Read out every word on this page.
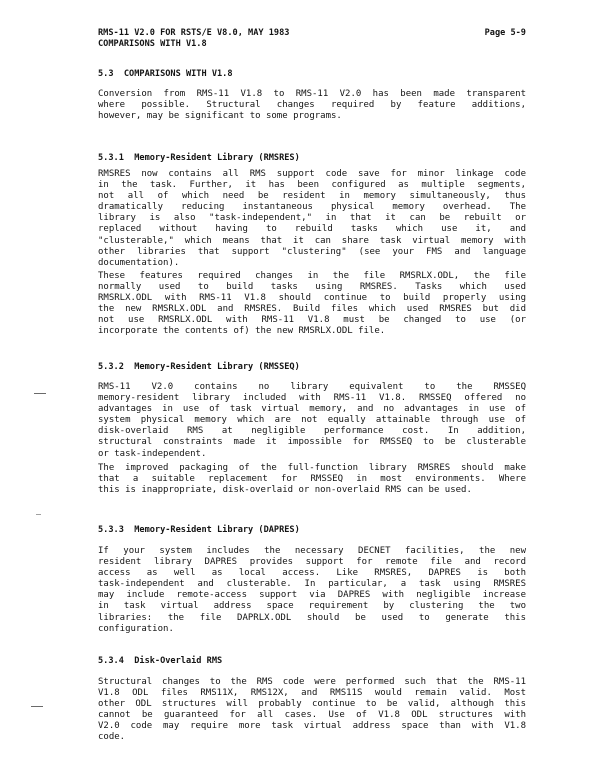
RMS-11 V2.0 FOR RSTS/E V8.0, MAY 1983
COMPARISONS WITH V1.8
Page 5-9
5.3  COMPARISONS WITH V1.8
Conversion from RMS-11 V1.8 to RMS-11 V2.0 has been made transparent
where possible. Structural changes required by feature additions,
however, may be significant to some programs.
5.3.1  Memory-Resident Library (RMSRES)
RMSRES now contains all RMS support code save for minor linkage code
in the task. Further, it has been configured as multiple segments,
not all of which need be resident in memory simultaneously, thus
dramatically reducing instantaneous physical memory overhead. The
library is also "task-independent," in that it can be rebuilt or
replaced without having to rebuild tasks which use it, and
"clusterable," which means that it can share task virtual memory with
other libraries that support "clustering" (see your FMS and language
documentation).
These features required changes in the file RMSRLX.ODL, the file
normally used to build tasks using RMSRES. Tasks which used
RMSRLX.ODL with RMS-11 V1.8 should continue to build properly using
the new RMSRLX.ODL and RMSRES. Build files which used RMSRES but did
not use RMSRLX.ODL with RMS-11 V1.8 must be changed to use (or
incorporate the contents of) the new RMSRLX.ODL file.
5.3.2  Memory-Resident Library (RMSSEQ)
RMS-11 V2.0 contains no library equivalent to the RMSSEQ
memory-resident library included with RMS-11 V1.8. RMSSEQ offered no
advantages in use of task virtual memory, and no advantages in use of
system physical memory which are not equally attainable through use of
disk-overlaid RMS at negligible performance cost. In addition,
structural constraints made it impossible for RMSSEQ to be clusterable
or task-independent.
The improved packaging of the full-function library RMSRES should make
that a suitable replacement for RMSSEQ in most environments. Where
this is inappropriate, disk-overlaid or non-overlaid RMS can be used.
5.3.3  Memory-Resident Library (DAPRES)
If your system includes the necessary DECNET facilities, the new
resident library DAPRES provides support for remote file and record
access as well as local access. Like RMSRES, DAPRES is both
task-independent and clusterable. In particular, a task using RMSRES
may include remote-access support via DAPRES with negligible increase
in task virtual address space requirement by clustering the two
libraries: the file DAPRLX.ODL should be used to generate this
configuration.
5.3.4  Disk-Overlaid RMS
Structural changes to the RMS code were performed such that the RMS-11
V1.8 ODL files RMS11X, RMS12X, and RMS11S would remain valid. Most
other ODL structures will probably continue to be valid, although this
cannot be guaranteed for all cases. Use of V1.8 ODL structures with
V2.0 code may require more task virtual address space than with V1.8
code.
